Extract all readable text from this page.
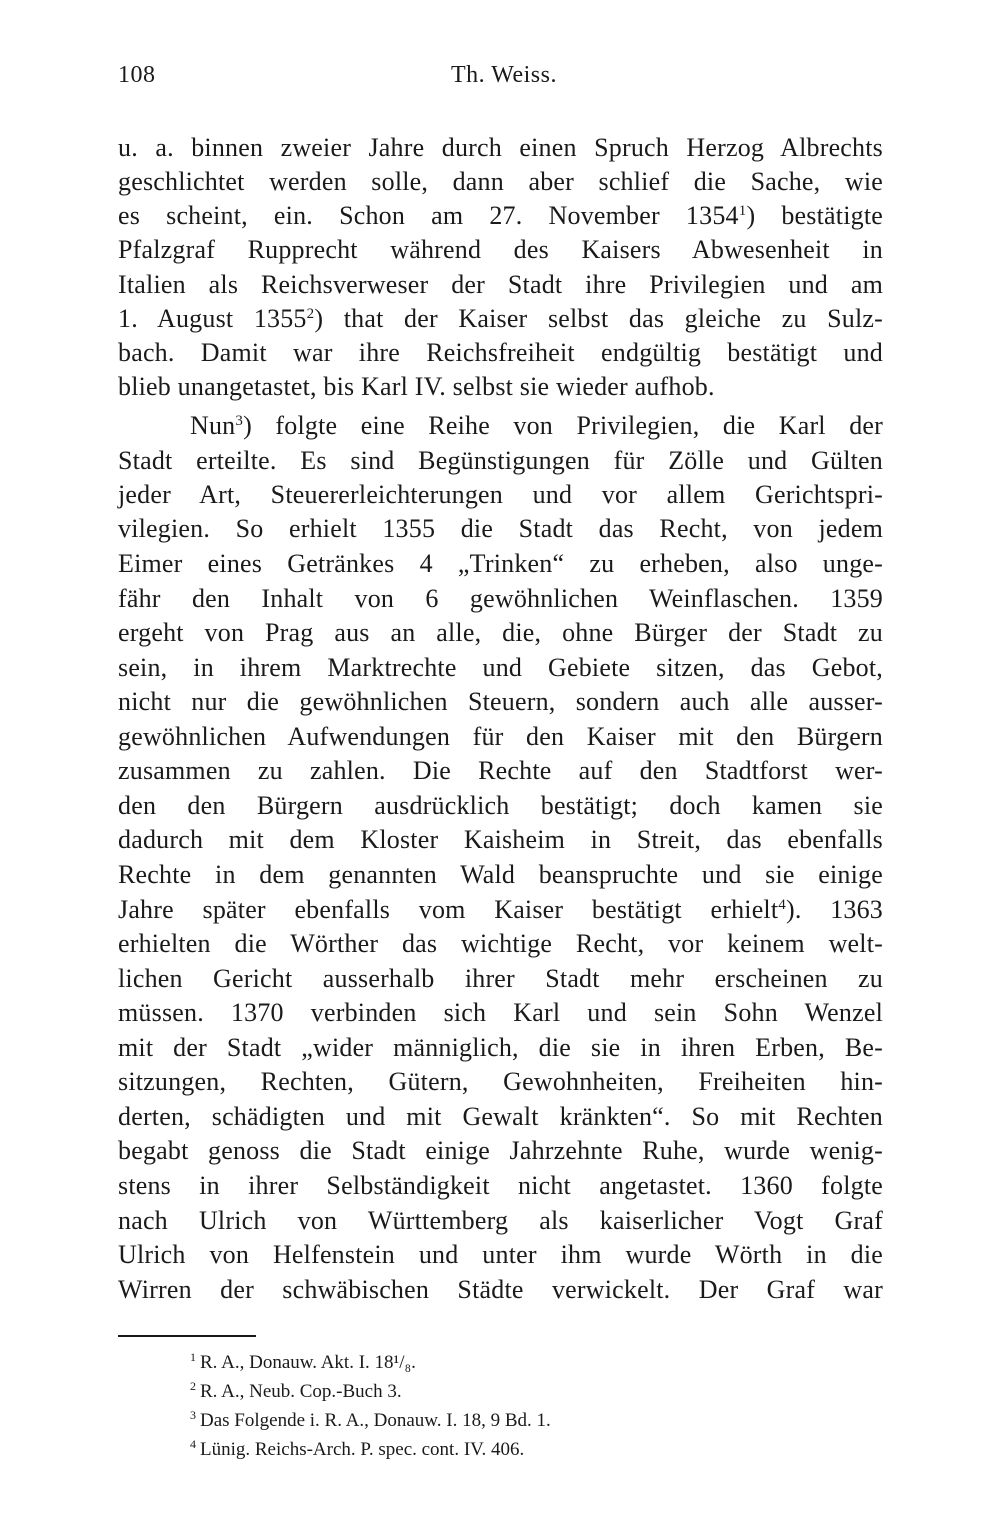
108	Th. Weiss.
u. a. binnen zweier Jahre durch einen Spruch Herzog Albrechts
geschlichtet werden solle, dann aber schlief die Sache, wie
es scheint, ein. Schon am 27. November 1354$^1$) bestätigte
Pfalzgraf Rupprecht während des Kaisers Abwesenheit in
Italien als Reichsverweser der Stadt ihre Privilegien und am
1. August 1355$^2$) that der Kaiser selbst das gleiche zu Sulz-
bach. Damit war ihre Reichsfreiheit endgültig bestätigt und
blieb unangetastet, bis Karl IV. selbst sie wieder aufhob.
Nun$^3$) folgte eine Reihe von Privilegien, die Karl der
Stadt erteilte. Es sind Begünstigungen für Zölle und Gülten
jeder Art, Steuererleichterungen und vor allem Gerichtspri-
vilegien. So erhielt 1355 die Stadt das Recht, von jedem
Eimer eines Getränkes 4 „Trinken“ zu erheben, also unge-
fähr den Inhalt von 6 gewöhnlichen Weinflaschen. 1359
ergeht von Prag aus an alle, die, ohne Bürger der Stadt zu
sein, in ihrem Marktrechte und Gebiete sitzen, das Gebot,
nicht nur die gewöhnlichen Steuern, sondern auch alle ausser-
gewöhnlichen Aufwendungen für den Kaiser mit den Bürgern
zusammen zu zahlen. Die Rechte auf den Stadtforst wer-
den den Bürgern ausdrücklich bestätigt; doch kamen sie
dadurch mit dem Kloster Kaisheim in Streit, das ebenfalls
Rechte in dem genannten Wald beanspruchte und sie einige
Jahre später ebenfalls vom Kaiser bestätigt erhielt$^4$). 1363
erhielten die Wörther das wichtige Recht, vor keinem welt-
lichen Gericht ausserhalb ihrer Stadt mehr erscheinen zu
müssen. 1370 verbinden sich Karl und sein Sohn Wenzel
mit der Stadt „wider männiglich, die sie in ihren Erben, Be-
sitzungen, Rechten, Gütern, Gewohnheiten, Freiheiten hin-
derten, schädigten und mit Gewalt kränkten“. So mit Rechten
begabt genoss die Stadt einige Jahrzehnte Ruhe, wurde wenig-
stens in ihrer Selbständigkeit nicht angetastet. 1360 folgte
nach Ulrich von Württemberg als kaiserlicher Vogt Graf
Ulrich von Helfenstein und unter ihm wurde Wörth in die
Wirren der schwäbischen Städte verwickelt. Der Graf war
$^1$ R. A., Donauw. Akt. I. 18¹/₈.
$^2$ R. A., Neub. Cop.-Buch 3.
$^3$ Das Folgende i. R. A., Donauw. I. 18, 9 Bd. 1.
$^4$ Lünig. Reichs-Arch. P. spec. cont. IV. 406.
